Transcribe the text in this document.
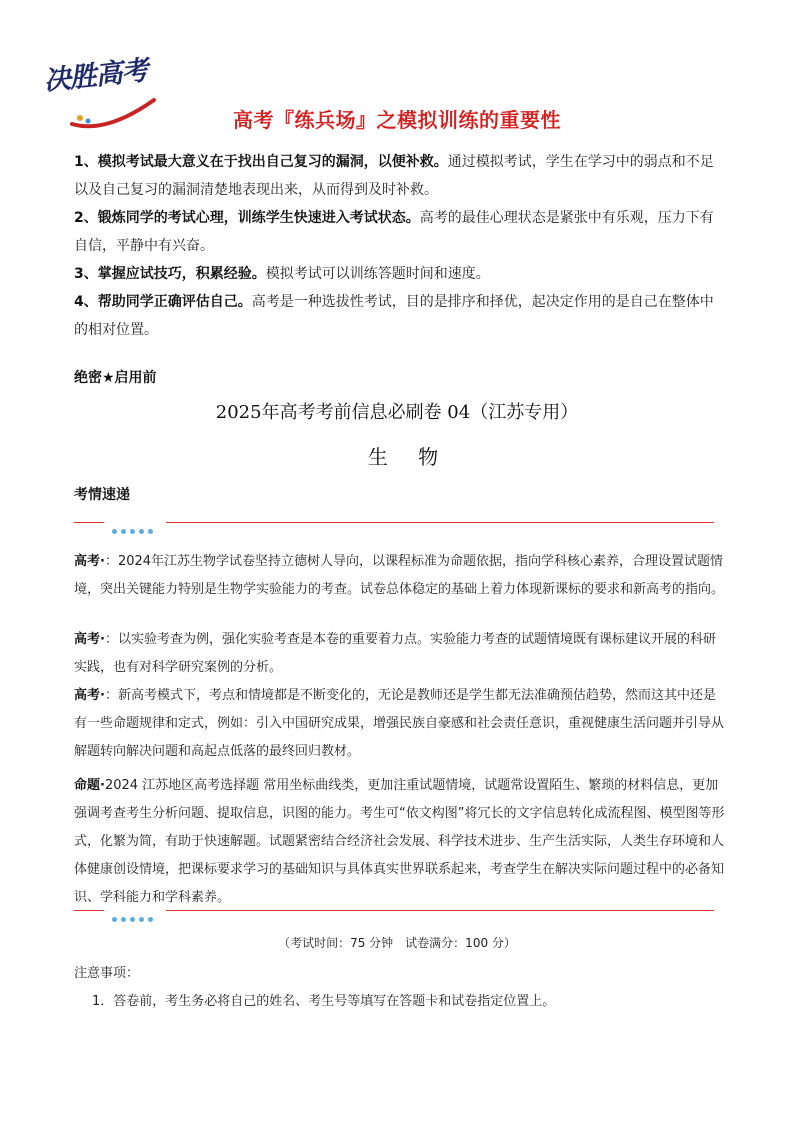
决胜高考
高考『练兵场』之模拟训练的重要性
1、模拟考试最大意义在于找出自己复习的漏洞，以便补救。通过模拟考试，学生在学习中的弱点和不足以及自己复习的漏洞清楚地表现出来，从而得到及时补救。
2、锻炼同学的考试心理，训练学生快速进入考试状态。高考的最佳心理状态是紧张中有乐观，压力下有自信，平静中有兴奋。
3、掌握应试技巧，积累经验。模拟考试可以训练答题时间和速度。
4、帮助同学正确评估自己。高考是一种选拔性考试，目的是排序和择优，起决定作用的是自己在整体中的相对位置。
绝密★启用前
2025年高考考前信息必刷卷 04（江苏专用）
生 物
考情速递
高考·：2024年江苏生物学试卷坚持立德树人导向，以课程标准为命题依据，指向学科核心素养，合理设置试题情境，突出关键能力特别是生物学实验能力的考查。试卷总体稳定的基础上着力体现新课标的要求和新高考的指向。
高考·：以实验考查为例，强化实验考查是本卷的重要着力点。实验能力考查的试题情境既有课标建议开展的科研实践，也有对科学研究案例的分析。
高考·：新高考模式下，考点和情境都是不断变化的，无论是教师还是学生都无法准确预估趋势，然而这其中还是有一些命题规律和定式，例如：引入中国研究成果，增强民族自豪感和社会责任意识，重视健康生活问题并引导从解题转向解决问题和高起点低落的最终回归教材。
命题·2024 江苏地区高考选择题 常用坐标曲线类，更加注重试题情境，试题常设置陌生、繁琐的材料信息，更加强调考查考生分析问题、提取信息，识图的能力。考生可“依文构图”将冗长的文字信息转化成流程图、模型图等形式，化繁为简，有助于快速解题。试题紧密结合经济社会发展、科学技术进步、生产生活实际，人类生存环境和人体健康创设情境，把课标要求学习的基础知识与具体真实世界联系起来，考查学生在解决实际问题过程中的必备知识、学科能力和学科素养。
（考试时间：75 分钟　试卷满分：100 分）
注意事项：
1．答卷前，考生务必将自己的姓名、考生号等填写在答题卡和试卷指定位置上。
